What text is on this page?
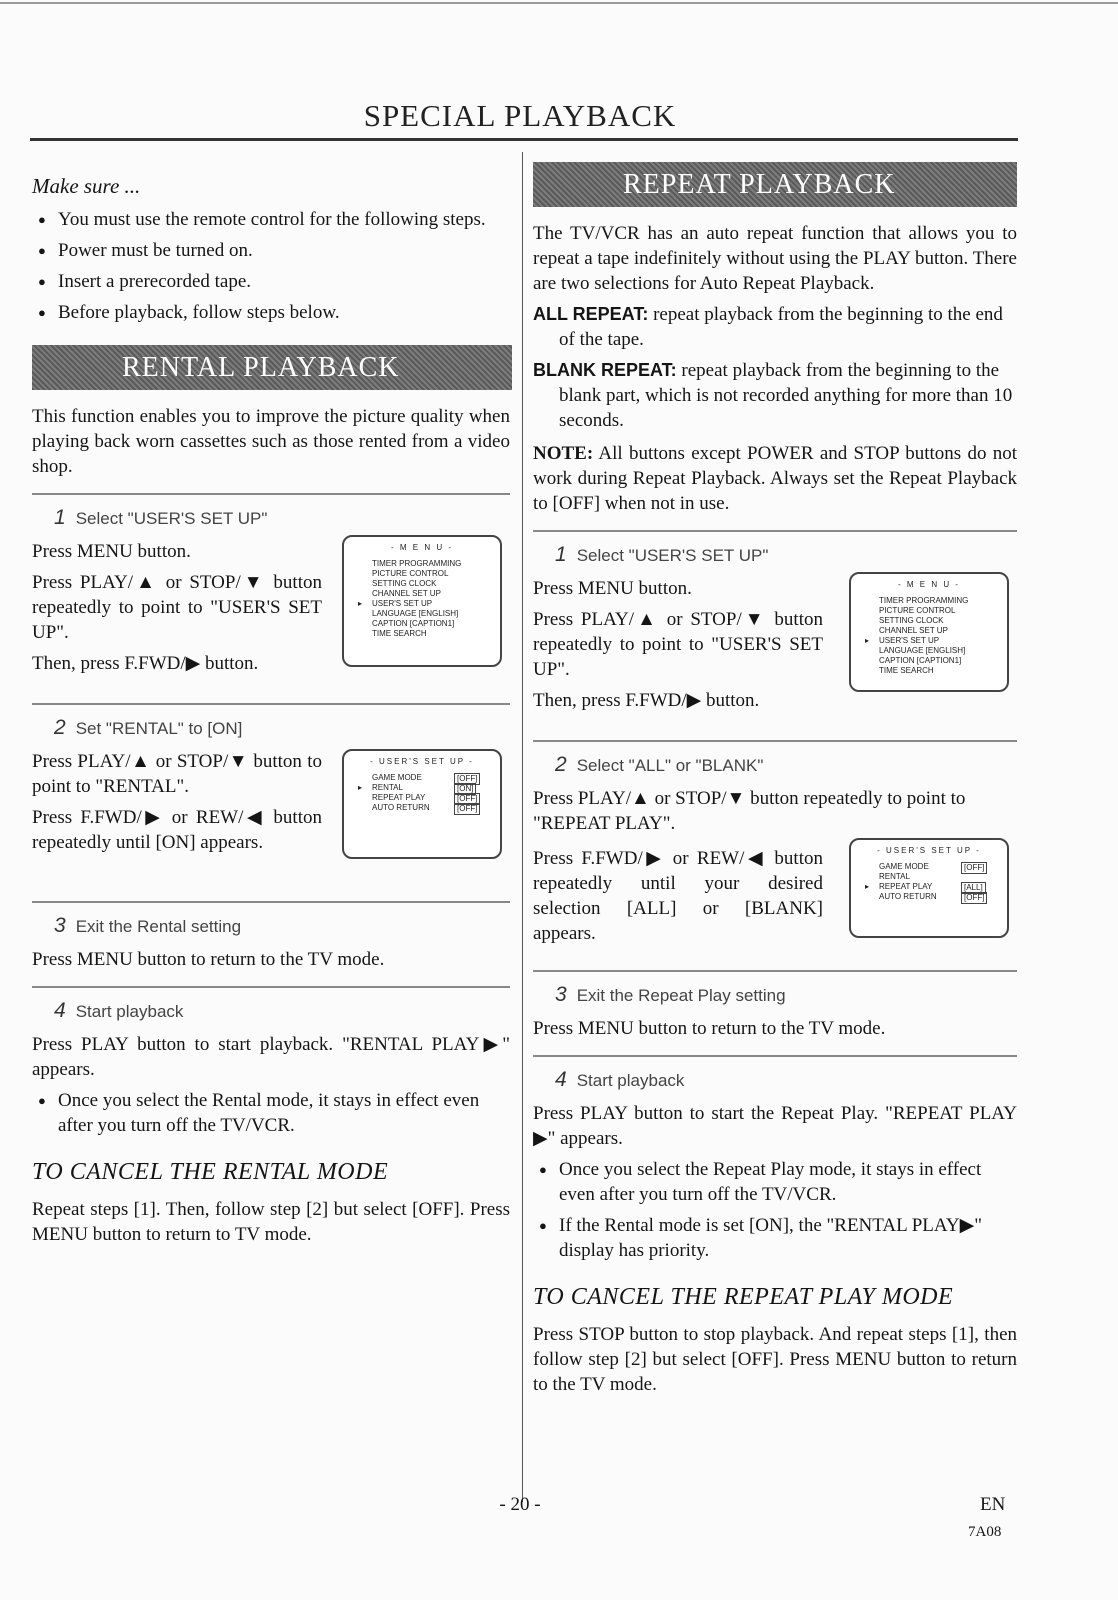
SPECIAL PLAYBACK
Make sure ...
● You must use the remote control for the following steps.
● Power must be turned on.
● Insert a prerecorded tape.
● Before playback, follow steps below.
RENTAL PLAYBACK

This function enables you to improve the picture quality when playing back worn cassettes such as those rented from a video shop.

1 Select "USER'S SET UP"

Press MENU button.

Press PLAY/▲ or STOP/▼ button repeatedly to point to "USER'S SET UP".

Then, press F.FWD/▶ button.

- M E N U -
TIMER PROGRAMMING
PICTURE CONTROL
SETTING CLOCK
CHANNEL SET UP
▸ USER'S SET UP
LANGUAGE [ENGLISH]
CAPTION [CAPTION1]
TIME SEARCH
2 Set "RENTAL" to [ON]

Press PLAY/▲ or STOP/▼ button to point to "RENTAL".

Press F.FWD/▶ or REW/◀ button repeatedly until [ON] appears.

- USER'S SET UP -
GAME MODE	[OFF]
▸ RENTAL	[ON]
REPEAT PLAY	[OFF]
AUTO RETURN	[OFF]
3 Exit the Rental setting

Press MENU button to return to the TV mode.

4 Start playback

Press PLAY button to start playback. "RENTAL PLAY▶" appears.

● Once you select the Rental mode, it stays in effect even after you turn off the TV/VCR.
TO CANCEL THE RENTAL MODE

Repeat steps [1]. Then, follow step [2] but select [OFF]. Press MENU button to return to TV mode.

REPEAT PLAYBACK

The TV/VCR has an auto repeat function that allows you to repeat a tape indefinitely without using the PLAY button. There are two selections for Auto Repeat Playback.

ALL REPEAT: repeat playback from the beginning to the end of the tape.

BLANK REPEAT: repeat playback from the beginning to the blank part, which is not recorded anything for more than 10 seconds.

NOTE: All buttons except POWER and STOP buttons do not work during Repeat Playback. Always set the Repeat Playback to [OFF] when not in use.

1 Select "USER'S SET UP"

Press MENU button.

Press PLAY/▲ or STOP/▼ button repeatedly to point to "USER'S SET UP".

Then, press F.FWD/▶ button.

- M E N U -
TIMER PROGRAMMING
PICTURE CONTROL
SETTING CLOCK
CHANNEL SET UP
▸ USER'S SET UP
LANGUAGE [ENGLISH]
CAPTION [CAPTION1]
TIME SEARCH
2 Select "ALL" or "BLANK"

Press PLAY/▲ or STOP/▼ button repeatedly to point to "REPEAT PLAY".

Press F.FWD/▶ or REW/◀ button repeatedly until your desired selection [ALL] or [BLANK] appears.

- USER'S SET UP -
GAME MODE	[OFF]
RENTAL
▸ REPEAT PLAY	[ALL]
AUTO RETURN	[OFF]
3 Exit the Repeat Play setting

Press MENU button to return to the TV mode.

4 Start playback

Press PLAY button to start the Repeat Play. "REPEAT PLAY ▶" appears.

● Once you select the Repeat Play mode, it stays in effect even after you turn off the TV/VCR.
● If the Rental mode is set [ON], the "RENTAL PLAY▶" display has priority.
TO CANCEL THE REPEAT PLAY MODE

Press STOP button to stop playback. And repeat steps [1], then follow step [2] but select [OFF]. Press MENU button to return to the TV mode.

- 20 -	EN
7A08
